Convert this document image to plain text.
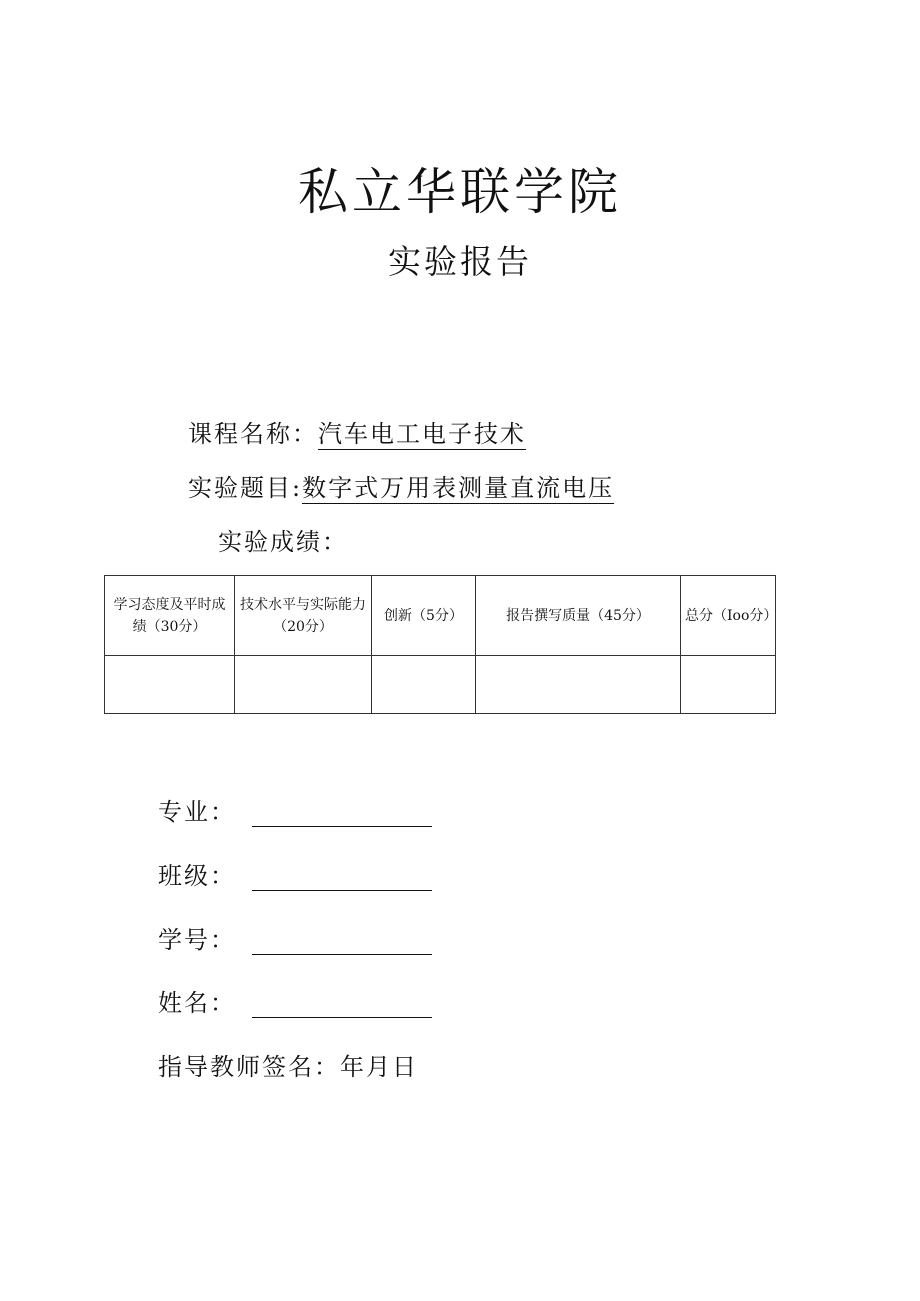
私立华联学院
实验报告
课程名称：汽车电工电子技术
实验题目:数字式万用表测量直流电压
实验成绩：
学习态度及平时成绩（30分）	技术水平与实际能力（20分）	创新（5分）	报告撰写质量（45分）	总分（Ioo分）

专业：
班级：
学号：
姓名：
指导教师签名：年月日
